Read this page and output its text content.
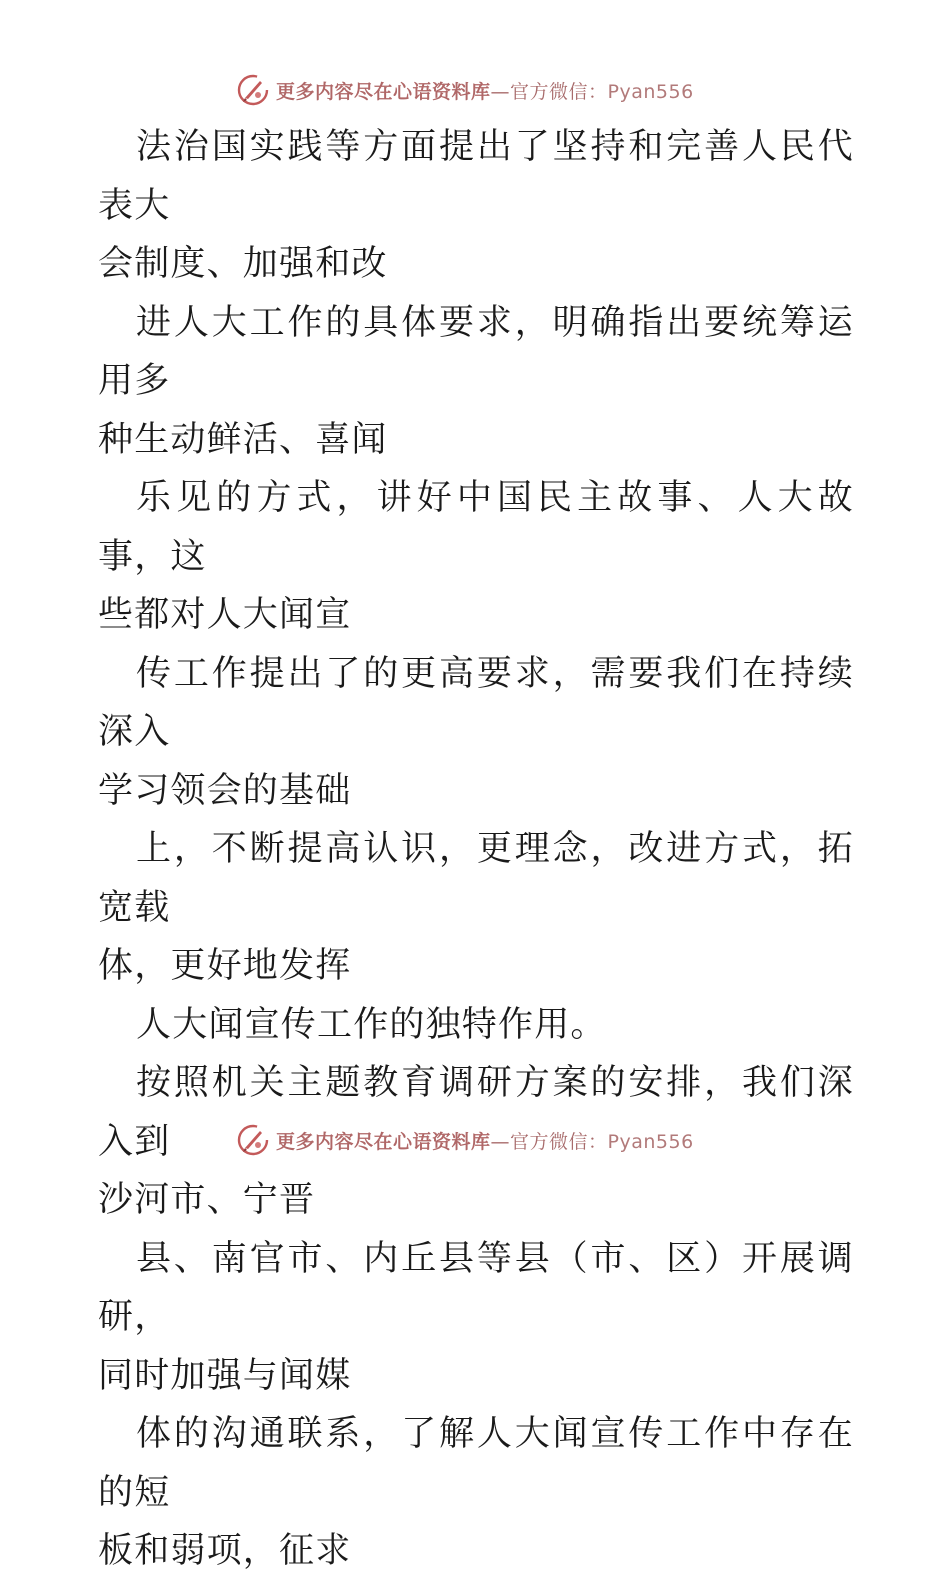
更多内容尽在心语资料库—官方微信：Pyan556

法治国实践等方面提出了坚持和完善人民代表大
会制度、加强和改

进人大工作的具体要求，明确指出要统筹运用多
种生动鲜活、喜闻

乐见的方式，讲好中国民主故事、人大故事，这
些都对人大闻宣

传工作提出了的更高要求，需要我们在持续深入
学习领会的基础

上，不断提高认识，更理念，改进方式，拓宽载
体，更好地发挥

人大闻宣传工作的独特作用。

按照机关主题教育调研方案的安排，我们深入到
沙河市、宁晋

县、南官市、内丘县等县（市、区）开展调研，
同时加强与闻媒

体的沟通联系，了解人大闻宣传工作中存在的短
板和弱项，征求

更多内容尽在心语资料库—官方微信：Pyan556
